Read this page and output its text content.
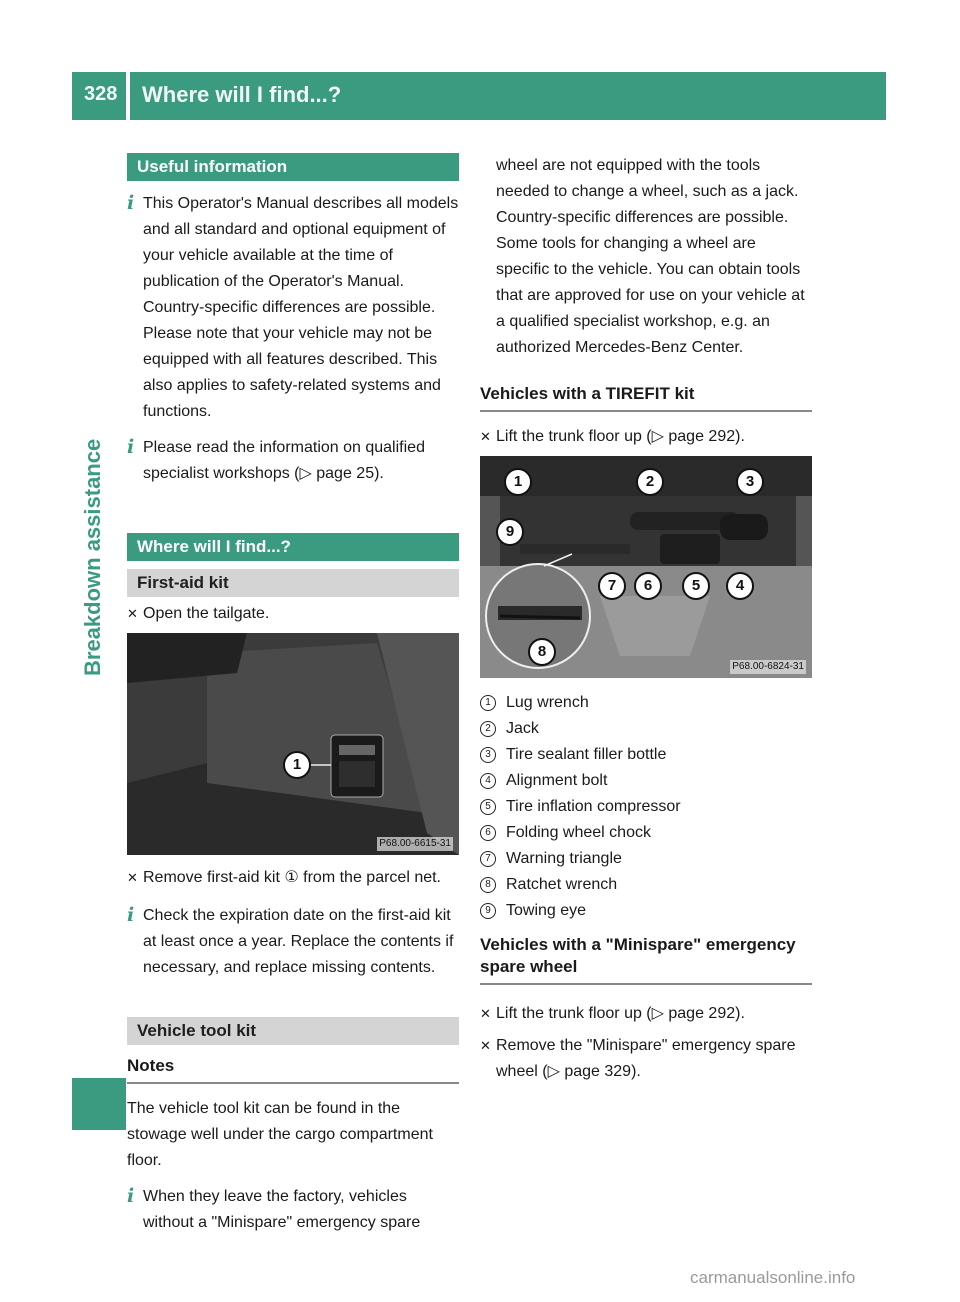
328 Where will I find...?
Breakdown assistance
Useful information
i This Operator's Manual describes all models and all standard and optional equipment of your vehicle available at the time of publication of the Operator's Manual. Country-specific differences are possible. Please note that your vehicle may not be equipped with all features described. This also applies to safety-related systems and functions.
i Please read the information on qualified specialist workshops (▷ page 25).
Where will I find...?
First-aid kit
✕ Open the tailgate.
1
P68.00-6615-31
✕ Remove first-aid kit ① from the parcel net.
i Check the expiration date on the first-aid kit at least once a year. Replace the contents if necessary, and replace missing contents.
Vehicle tool kit
Notes

The vehicle tool kit can be found in the stowage well under the cargo compartment floor.

i When they leave the factory, vehicles without a "Minispare" emergency spare

wheel are not equipped with the tools needed to change a wheel, such as a jack. Country-specific differences are possible. Some tools for changing a wheel are specific to the vehicle. You can obtain tools that are approved for use on your vehicle at a qualified specialist workshop, e.g. an authorized Mercedes-Benz Center.

Vehicles with a TIREFIT kit
✕ Lift the trunk floor up (▷ page 292).
1	2	3
4
5
6
7
8
9
P68.00-6824-31
1 Lug wrench
2 Jack
3 Tire sealant filler bottle
4 Alignment bolt
5 Tire inflation compressor
6 Folding wheel chock
7 Warning triangle
8 Ratchet wrench
9 Towing eye
Vehicles with a "Minispare" emergency spare wheel
✕ Lift the trunk floor up (▷ page 292).
✕ Remove the "Minispare" emergency spare wheel (▷ page 329).
carmanualsonline.info
